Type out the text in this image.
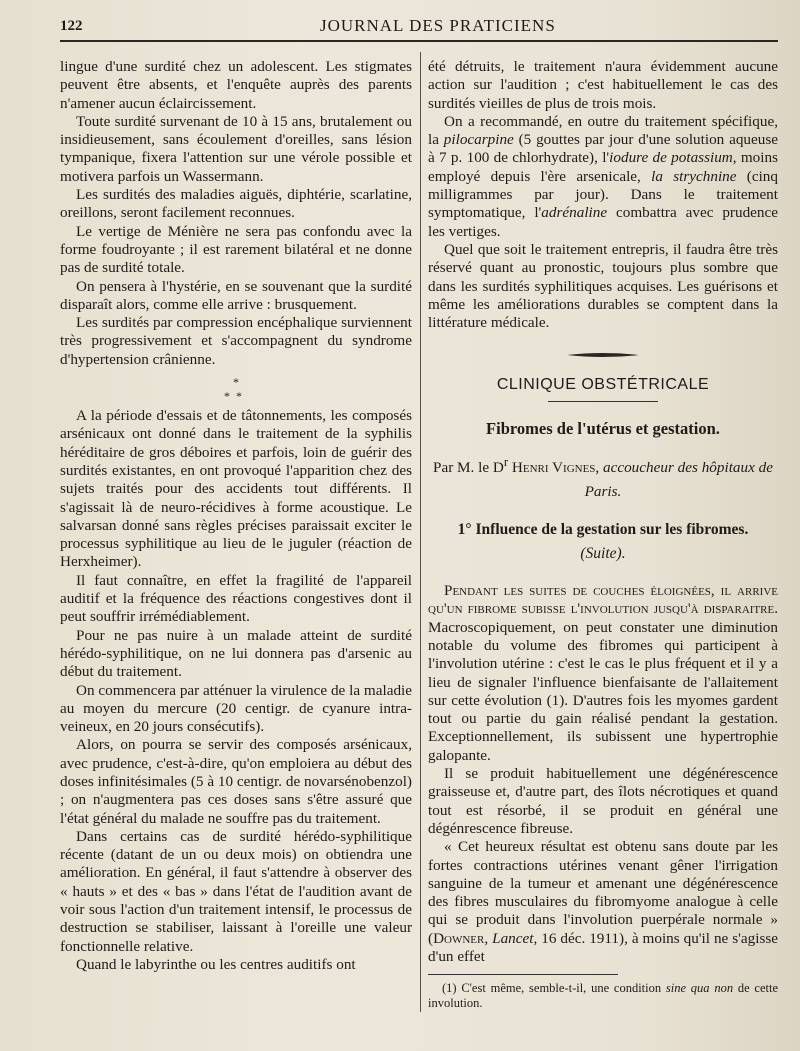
122	JOURNAL DES PRATICIENS

lingue d'une surdité chez un adolescent. Les stigmates peuvent être absents, et l'enquête auprès des parents n'amener aucun éclaircissement.

Toute surdité survenant de 10 à 15 ans, brutalement ou insidieusement, sans écoulement d'oreilles, sans lésion tympanique, fixera l'attention sur une vérole possible et motivera parfois un Wassermann.

Les surdités des maladies aiguës, diphtérie, scarlatine, oreillons, seront facilement reconnues.

Le vertige de Ménière ne sera pas confondu avec la forme foudroyante ; il est rarement bilatéral et ne donne pas de surdité totale.

On pensera à l'hystérie, en se souvenant que la surdité disparaît alors, comme elle arrive : brusquement.

Les surdités par compression encéphalique surviennent très progressivement et s'accompagnent du syndrome d'hypertension crânienne.

*
**

A la période d'essais et de tâtonnements, les composés arsénicaux ont donné dans le traitement de la syphilis héréditaire de gros déboires et parfois, loin de guérir des surdités existantes, en ont provoqué l'apparition chez des sujets traités pour des accidents tout différents. Il s'agissait là de neuro-récidives à forme acoustique. Le salvarsan donné sans règles précises paraissait exciter le processus syphilitique au lieu de le juguler (réaction de Herxheimer).

Il faut connaître, en effet la fragilité de l'appareil auditif et la fréquence des réactions congestives dont il peut souffrir irrémédiablement.

Pour ne pas nuire à un malade atteint de surdité hérédo-syphilitique, on ne lui donnera pas d'arsenic au début du traitement.

On commencera par atténuer la virulence de la maladie au moyen du mercure (20 centigr. de cyanure intra-veineux, en 20 jours consécutifs).

Alors, on pourra se servir des composés arsénicaux, avec prudence, c'est-à-dire, qu'on emploiera au début des doses infinitésimales (5 à 10 centigr. de novarsénobenzol) ; on n'augmentera pas ces doses sans s'être assuré que l'état général du malade ne souffre pas du traitement.

Dans certains cas de surdité hérédo-syphilitique récente (datant de un ou deux mois) on obtiendra une amélioration. En général, il faut s'attendre à observer des « hauts » et des « bas » dans l'état de l'audition avant de voir sous l'action d'un traitement intensif, le processus de destruction se stabiliser, laissant à l'oreille une valeur fonctionnelle relative.

Quand le labyrinthe ou les centres auditifs ont

été détruits, le traitement n'aura évidemment aucune action sur l'audition ; c'est habituellement le cas des surdités vieilles de plus de trois mois.

On a recommandé, en outre du traitement spécifique, la pilocarpine (5 gouttes par jour d'une solution aqueuse à 7 p. 100 de chlorhydrate), l'iodure de potassium, moins employé depuis l'ère arsenicale, la strychnine (cinq milligrammes par jour). Dans le traitement symptomatique, l'adrénaline combattra avec prudence les vertiges.

Quel que soit le traitement entrepris, il faudra être très réservé quant au pronostic, toujours plus sombre que dans les surdités syphilitiques acquises. Les guérisons et même les améliorations durables se comptent dans la littérature médicale.

CLINIQUE OBSTÉTRICALE
Fibromes de l'utérus et gestation.
Par M. le $D^r$ Henri Vignes, accoucheur des hôpitaux de Paris.
1° Influence de la gestation sur les fibromes.
(Suite).

Pendant les suites de couches éloignées, il arrive qu'un fibrome subisse l'involution jusqu'à disparaitre. Macroscopiquement, on peut constater une diminution notable du volume des fibromes qui participent à l'involution utérine : c'est le cas le plus fréquent et il y a lieu de signaler l'influence bienfaisante de l'allaitement sur cette évolution (1). D'autres fois les myomes gardent tout ou partie du gain réalisé pendant la gestation. Exceptionnellement, ils subissent une hypertrophie galopante.

Il se produit habituellement une dégénérescence graisseuse et, d'autre part, des îlots nécrotiques et quand tout est résorbé, il se produit en général une dégénrescence fibreuse.

« Cet heureux résultat est obtenu sans doute par les fortes contractions utérines venant gêner l'irrigation sanguine de la tumeur et amenant une dégénérescence des fibres musculaires du fibromyome analogue à celle qui se produit dans l'involution puerpérale normale » (Downer, Lancet, 16 déc. 1911), à moins qu'il ne s'agisse d'un effet

(1) C'est même, semble-t-il, une condition sine qua non de cette involution.
